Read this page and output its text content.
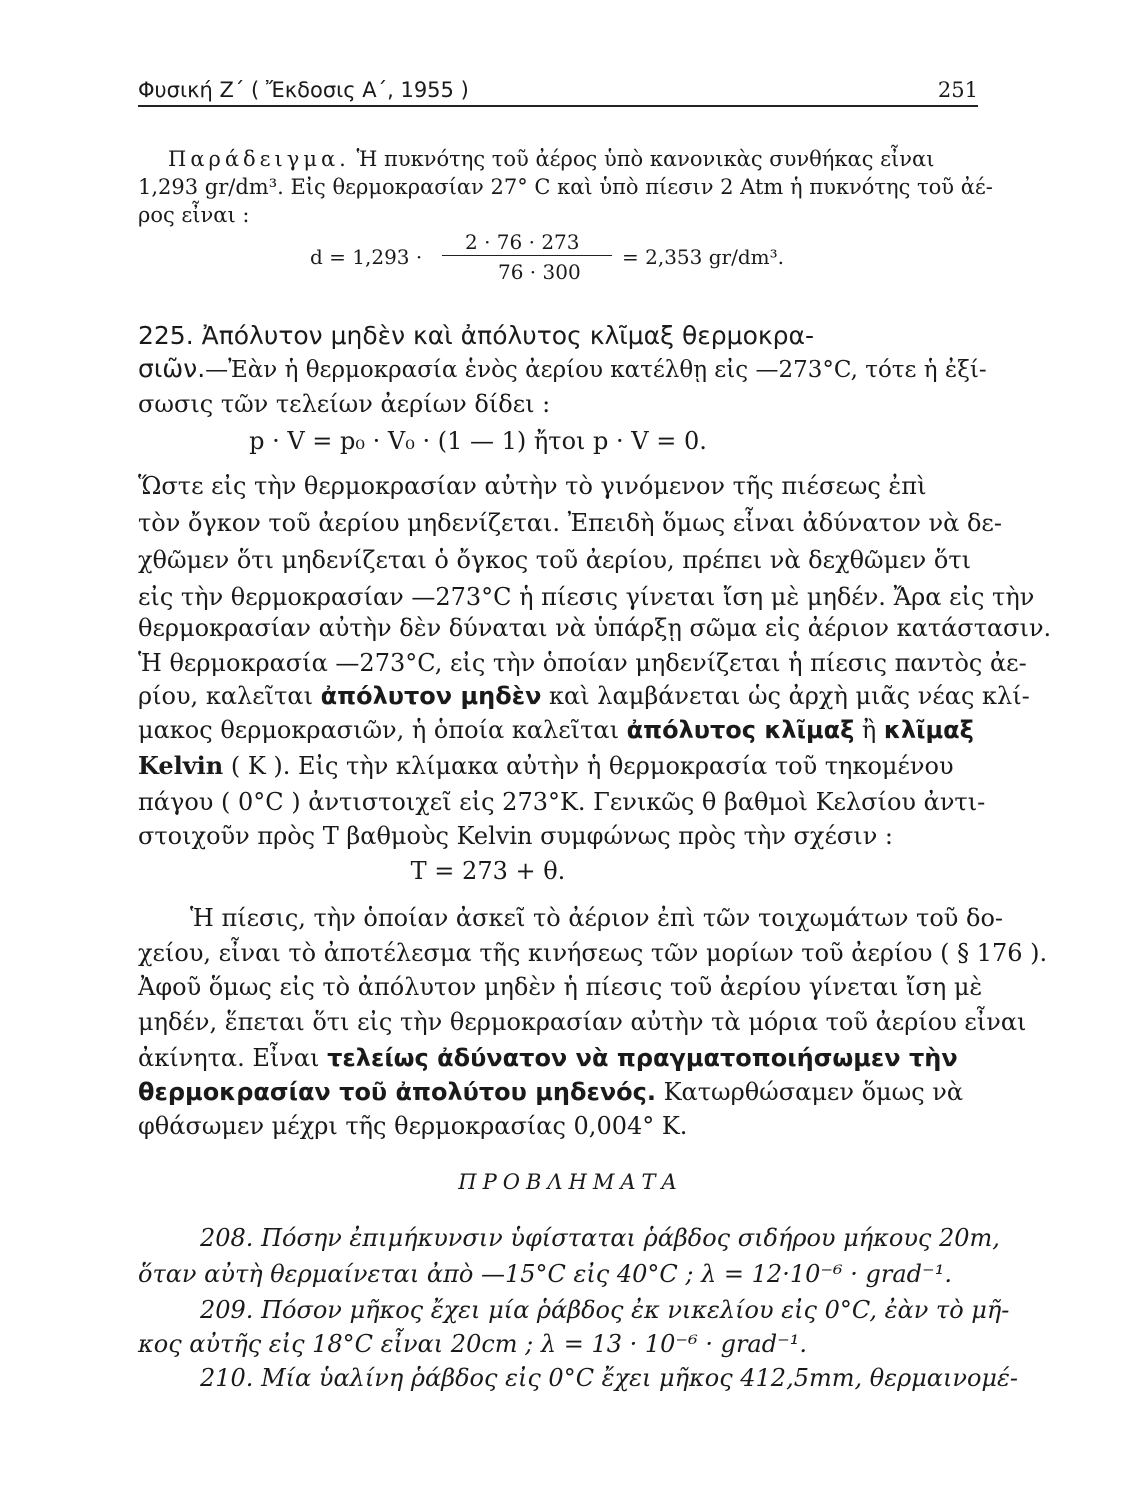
Φυσική Ζ΄ ( Ἔκδοσις Α΄, 1955 )	251
Παράδειγμα. Ἡ πυκνότης τοῦ ἀέρος ὑπὸ κανονικὰς συνθήκας εἶναι
1,293 gr/dm³. Εἰς θερμοκρασίαν 27° C καὶ ὑπὸ πίεσιν 2 Atm ἡ πυκνότης τοῦ ἀέ-
ρος εἶναι :
d = 1,293 ·
2 · 76 · 273
76 · 300
= 2,353 gr/dm³.
225. Ἀπόλυτον μηδὲν καὶ ἀπόλυτος κλῖμαξ θερμοκρα-
σιῶν.—Ἐὰν ἡ θερμοκρασία ἑνὸς ἀερίου κατέλθῃ εἰς —273°C, τότε ἡ ἐξί-
σωσις τῶν τελείων ἀερίων δίδει :
p · V = p₀ · V₀ · (1 — 1) ἤτοι p · V = 0.
Ὥστε εἰς τὴν θερμοκρασίαν αὐτὴν τὸ γινόμενον τῆς πιέσεως ἐπὶ
τὸν ὄγκον τοῦ ἀερίου μηδενίζεται. Ἐπειδὴ ὅμως εἶναι ἀδύνατον νὰ δε-
χθῶμεν ὅτι μηδενίζεται ὁ ὄγκος τοῦ ἀερίου, πρέπει νὰ δεχθῶμεν ὅτι
εἰς τὴν θερμοκρασίαν —273°C ἡ πίεσις γίνεται ἴση μὲ μηδέν. Ἄρα εἰς τὴν
θερμοκρασίαν αὐτὴν δὲν δύναται νὰ ὑπάρξῃ σῶμα εἰς ἀέριον κατάστασιν.
Ἡ θερμοκρασία —273°C, εἰς τὴν ὁποίαν μηδενίζεται ἡ πίεσις παντὸς ἀε-
ρίου, καλεῖται ἀπόλυτον μηδὲν καὶ λαμβάνεται ὡς ἀρχὴ μιᾶς νέας κλί-
μακος θερμοκρασιῶν, ἡ ὁποία καλεῖται ἀπόλυτος κλῖμαξ ἢ κλῖμαξ
Kelvin ( K ). Εἰς τὴν κλίμακα αὐτὴν ἡ θερμοκρασία τοῦ τηκομένου
πάγου ( 0°C ) ἀντιστοιχεῖ εἰς 273°K. Γενικῶς θ βαθμοὶ Κελσίου ἀντι-
στοιχοῦν πρὸς T βαθμοὺς Kelvin συμφώνως πρὸς τὴν σχέσιν :
T = 273 + θ.
Ἡ πίεσις, τὴν ὁποίαν ἀσκεῖ τὸ ἀέριον ἐπὶ τῶν τοιχωμάτων τοῦ δο-
χείου, εἶναι τὸ ἀποτέλεσμα τῆς κινήσεως τῶν μορίων τοῦ ἀερίου ( § 176 ).
Ἀφοῦ ὅμως εἰς τὸ ἀπόλυτον μηδὲν ἡ πίεσις τοῦ ἀερίου γίνεται ἴση μὲ
μηδέν, ἕπεται ὅτι εἰς τὴν θερμοκρασίαν αὐτὴν τὰ μόρια τοῦ ἀερίου εἶναι
ἀκίνητα. Εἶναι τελείως ἀδύνατον νὰ πραγματοποιήσωμεν τὴν
θερμοκρασίαν τοῦ ἀπολύτου μηδενός. Κατωρθώσαμεν ὅμως νὰ
φθάσωμεν μέχρι τῆς θερμοκρασίας 0,004° K.
ΠΡΟΒΛΗΜΑΤΑ
208. Πόσην ἐπιμήκυνσιν ὑφίσταται ῥάβδος σιδήρου μήκους 20m,
ὅταν αὐτὴ θερμαίνεται ἀπὸ —15°C εἰς 40°C ; λ = 12·10⁻⁶ · grad⁻¹.
209. Πόσον μῆκος ἔχει μία ῥάβδος ἐκ νικελίου εἰς 0°C, ἐὰν τὸ μῆ-
κος αὐτῆς εἰς 18°C εἶναι 20cm ; λ = 13 · 10⁻⁶ · grad⁻¹.
210. Μία ὑαλίνη ῥάβδος εἰς 0°C ἔχει μῆκος 412,5mm, θερμαινομέ-
